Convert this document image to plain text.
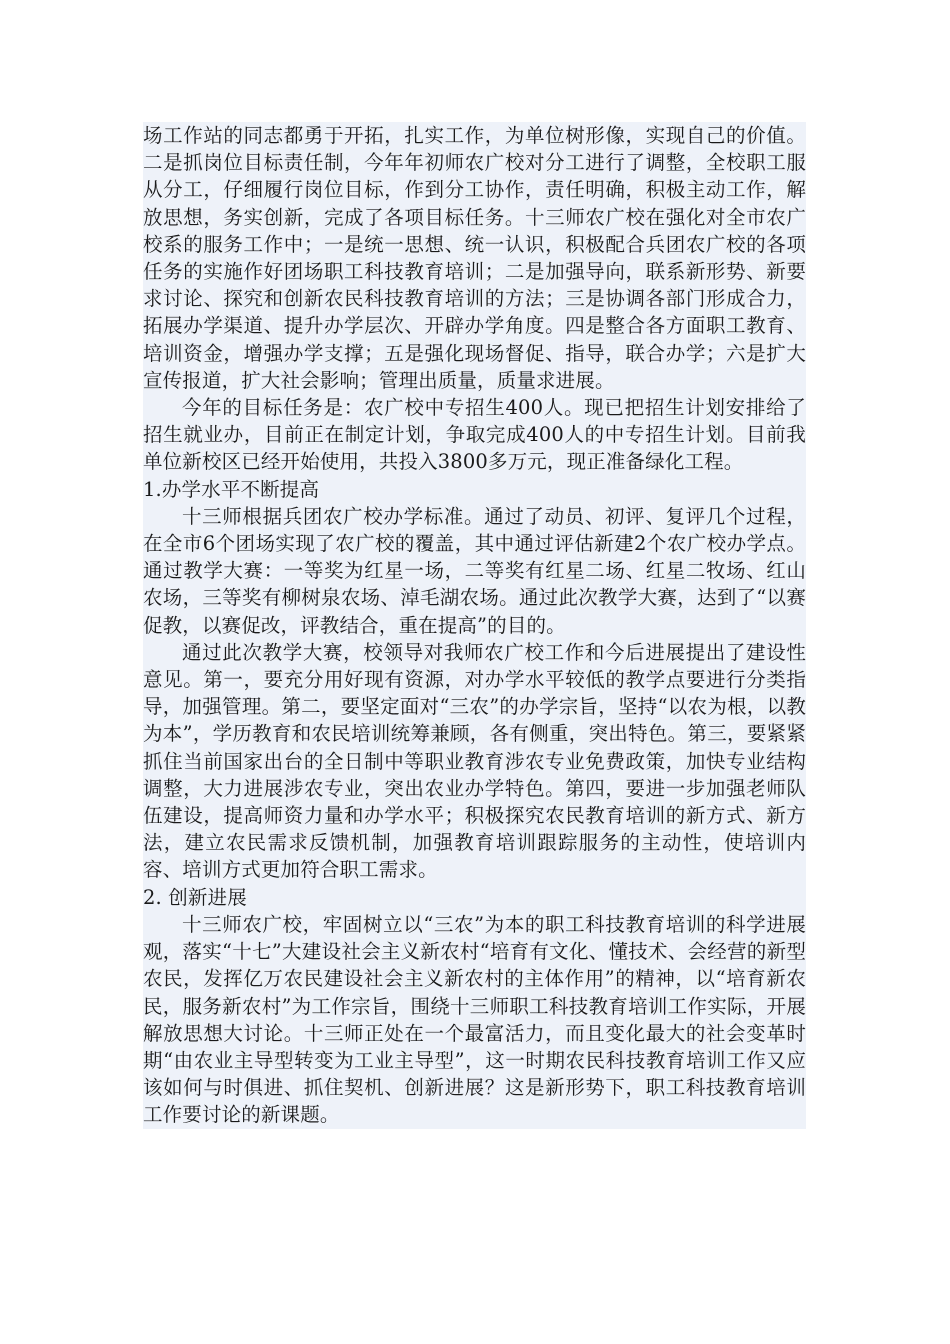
场工作站的同志都勇于开拓，扎实工作，为单位树形像，实现自己的价值。二是抓岗位目标责任制，今年年初师农广校对分工进行了调整，全校职工服从分工，仔细履行岗位目标，作到分工协作，责任明确，积极主动工作，解放思想，务实创新，完成了各项目标任务。十三师农广校在强化对全市农广校系的服务工作中；一是统一思想、统一认识，积极配合兵团农广校的各项任务的实施作好团场职工科技教育培训；二是加强导向，联系新形势、新要求讨论、探究和创新农民科技教育培训的方法；三是协调各部门形成合力，拓展办学渠道、提升办学层次、开辟办学角度。四是整合各方面职工教育、培训资金，增强办学支撑；五是强化现场督促、指导，联合办学；六是扩大宣传报道，扩大社会影响；管理出质量，质量求进展。

今年的目标任务是：农广校中专招生400人。现已把招生计划安排给了招生就业办，目前正在制定计划，争取完成400人的中专招生计划。目前我单位新校区已经开始使用，共投入3800多万元，现正准备绿化工程。

1.办学水平不断提高

十三师根据兵团农广校办学标准。通过了动员、初评、复评几个过程，在全市6个团场实现了农广校的覆盖，其中通过评估新建2个农广校办学点。通过教学大赛：一等奖为红星一场，二等奖有红星二场、红星二牧场、红山农场，三等奖有柳树泉农场、淖毛湖农场。通过此次教学大赛，达到了“以赛促教，以赛促改，评教结合，重在提高”的目的。

通过此次教学大赛，校领导对我师农广校工作和今后进展提出了建设性意见。第一，要充分用好现有资源，对办学水平较低的教学点要进行分类指导，加强管理。第二，要坚定面对“三农”的办学宗旨，坚持“以农为根，以教为本”，学历教育和农民培训统筹兼顾，各有侧重，突出特色。第三，要紧紧抓住当前国家出台的全日制中等职业教育涉农专业免费政策，加快专业结构调整，大力进展涉农专业，突出农业办学特色。第四，要进一步加强老师队伍建设，提高师资力量和办学水平；积极探究农民教育培训的新方式、新方法，建立农民需求反馈机制，加强教育培训跟踪服务的主动性，使培训内容、培训方式更加符合职工需求。

2. 创新进展

十三师农广校，牢固树立以“三农”为本的职工科技教育培训的科学进展观，落实“十七”大建设社会主义新农村“培育有文化、懂技术、会经营的新型农民，发挥亿万农民建设社会主义新农村的主体作用”的精神，以“培育新农民，服务新农村”为工作宗旨，围绕十三师职工科技教育培训工作实际，开展解放思想大讨论。十三师正处在一个最富活力，而且变化最大的社会变革时期“由农业主导型转变为工业主导型”，这一时期农民科技教育培训工作又应该如何与时俱进、抓住契机、创新进展？这是新形势下，职工科技教育培训工作要讨论的新课题。
